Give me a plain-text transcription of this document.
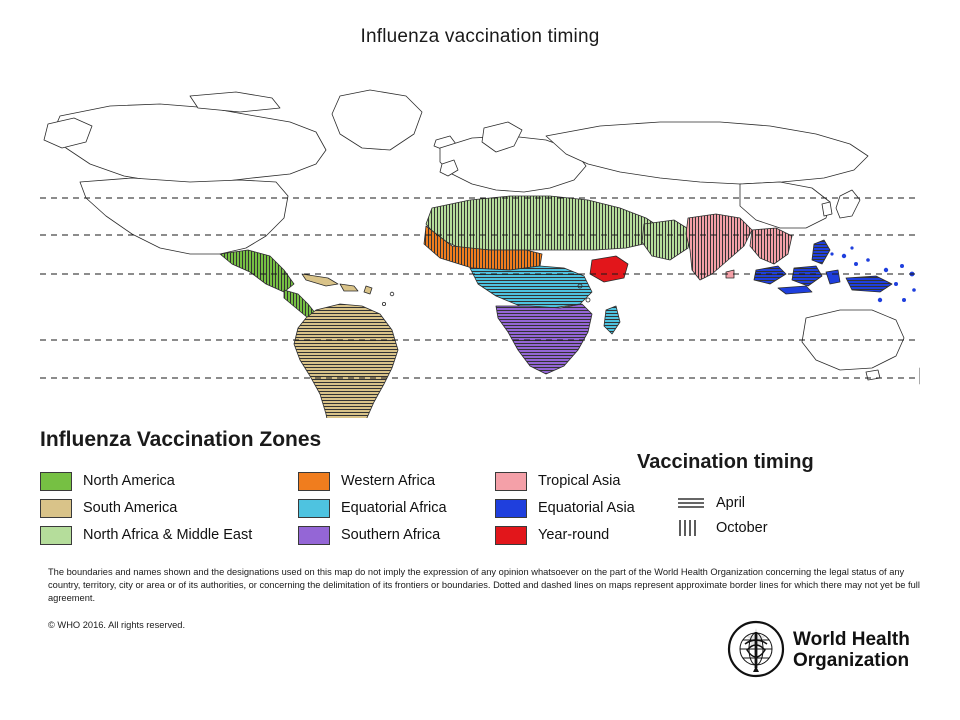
Influenza vaccination timing
Influenza Vaccination Zones
Vaccination timing
North America
South America
North Africa & Middle East
Western Africa
Equatorial Africa
Southern Africa
Tropical Asia
Equatorial Asia
Year-round
April
October
The boundaries and names shown and the designations used on this map do not imply the expression of any opinion whatsoever on the part of the World Health Organization concerning the legal status of any country, territory, city or area or of its authorities, or concerning the delimitation of its frontiers or boundaries. Dotted and dashed lines on maps represent approximate border lines for which there may not yet be full agreement.
© WHO 2016. All rights reserved.
World Health
Organization
